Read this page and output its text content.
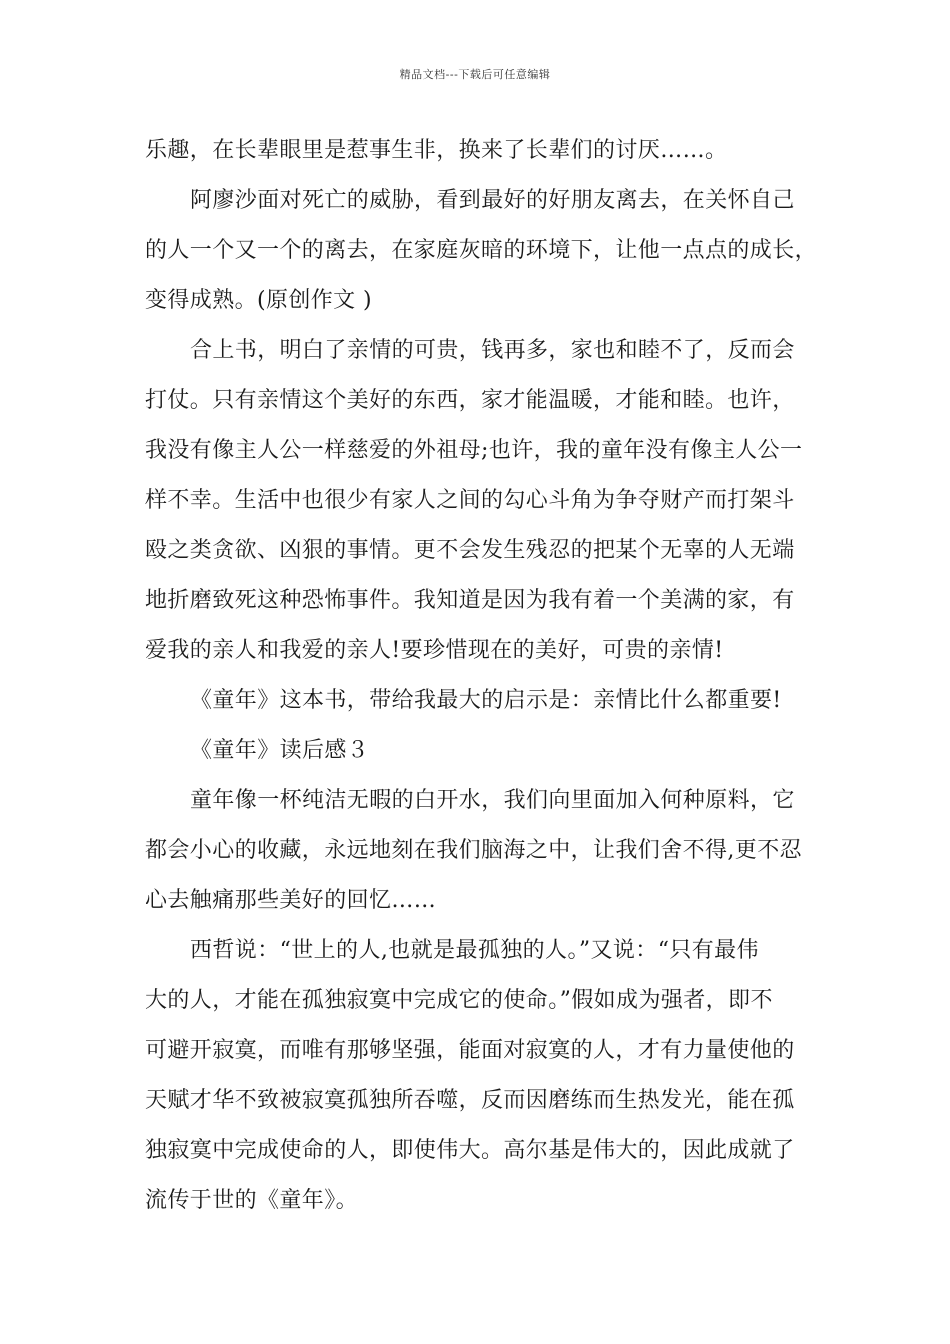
精品文档---下载后可任意编辑
乐趣，在长辈眼里是惹事生非，换来了长辈们的讨厌……。
阿廖沙面对死亡的威胁，看到最好的好朋友离去，在关怀自己
的人一个又一个的离去，在家庭灰暗的环境下，让他一点点的成长，
变得成熟。(原创作文 )
合上书，明白了亲情的可贵，钱再多，家也和睦不了，反而会
打仗。只有亲情这个美好的东西，家才能温暖，才能和睦。也许，
我没有像主人公一样慈爱的外祖母;也许，我的童年没有像主人公一
样不幸。生活中也很少有家人之间的勾心斗角为争夺财产而打架斗
殴之类贪欲、凶狠的事情。更不会发生残忍的把某个无辜的人无端
地折磨致死这种恐怖事件。我知道是因为我有着一个美满的家，有
爱我的亲人和我爱的亲人!要珍惜现在的美好，可贵的亲情!
《童年》这本书，带给我最大的启示是：亲情比什么都重要!
《童年》读后感３
童年像一杯纯洁无暇的白开水，我们向里面加入何种原料，它
都会小心的收藏，永远地刻在我们脑海之中，让我们舍不得,更不忍
心去触痛那些美好的回忆……
西哲说：“世上的人,也就是最孤独的人。”又说：“只有最伟
大的人，才能在孤独寂寞中完成它的使命。”假如成为强者，即不
可避开寂寞，而唯有那够坚强，能面对寂寞的人，才有力量使他的
天赋才华不致被寂寞孤独所吞噬，反而因磨练而生热发光，能在孤
独寂寞中完成使命的人，即使伟大。高尔基是伟大的，因此成就了
流传于世的《童年》。
